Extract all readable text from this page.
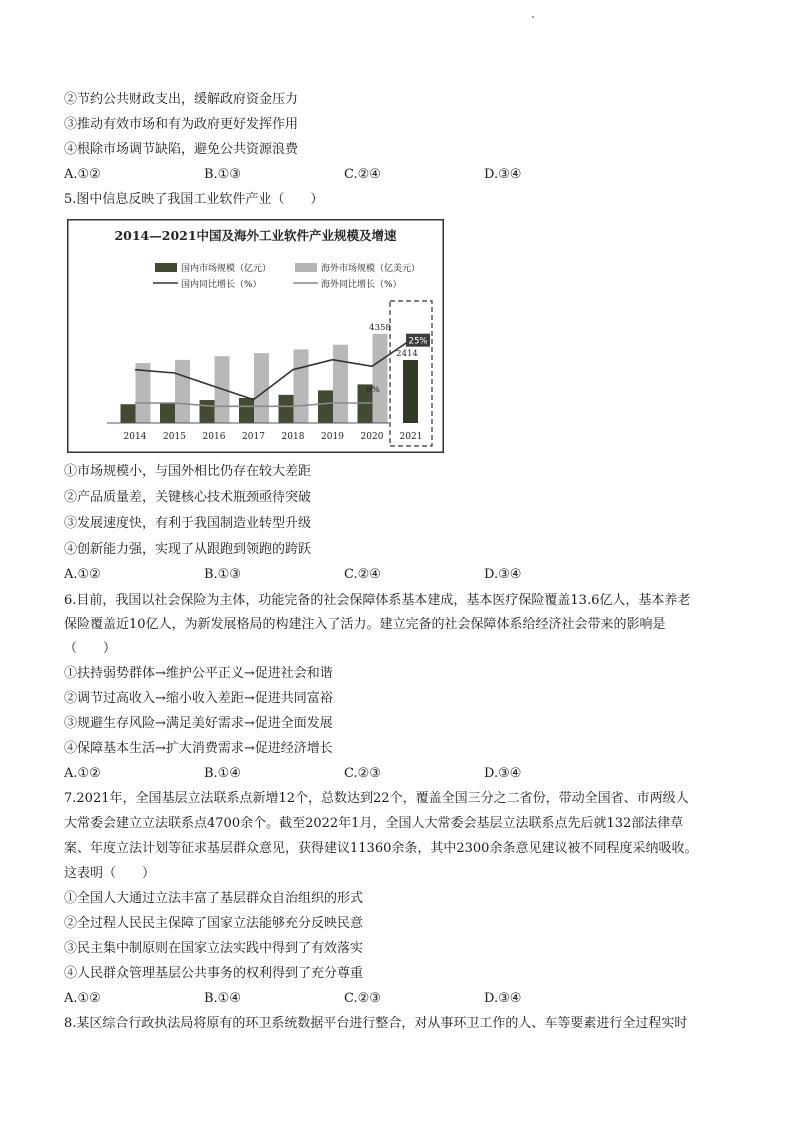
②节约公共财政支出，缓解政府资金压力
③推动有效市场和有为政府更好发挥作用
④根除市场调节缺陷，避免公共资源浪费
A.①②	B.①③	C.②④	D.③④
5.图中信息反映了我国工业软件产业（　　）
2014—2021中国及海外工业软件产业规模及增速
国内市场规模（亿元）	海外市场规模（亿美元）
国内同比增长（%）	海外同比增长（%）
4358
2414
25%
6%
2014 2015 2016 2017 2018 2019 2020 2021
①市场规模小，与国外相比仍存在较大差距
②产品质量差，关键核心技术瓶颈亟待突破
③发展速度快，有利于我国制造业转型升级
④创新能力强，实现了从跟跑到领跑的跨跃
A.①②	B.①③	C.②④	D.③④
6.目前，我国以社会保险为主体，功能完备的社会保障体系基本建成，基本医疗保险覆盖13.6亿人，基本养老
保险覆盖近10亿人，为新发展格局的构建注入了活力。建立完备的社会保障体系给经济社会带来的影响是
（　　）
①扶持弱势群体→维护公平正义→促进社会和谐
②调节过高收入→缩小收入差距→促进共同富裕
③规避生存风险→满足美好需求→促进全面发展
④保障基本生活→扩大消费需求→促进经济增长
A.①②	B.①④	C.②③	D.③④
7.2021年，全国基层立法联系点新增12个，总数达到22个，覆盖全国三分之二省份，带动全国省、市两级人
大常委会建立立法联系点4700余个。截至2022年1月，全国人大常委会基层立法联系点先后就132部法律草
案、年度立法计划等征求基层群众意见，获得建议11360余条，其中2300余条意见建议被不同程度采纳吸收。
这表明（　　）
①全国人大通过立法丰富了基层群众自治组织的形式
②全过程人民民主保障了国家立法能够充分反映民意
③民主集中制原则在国家立法实践中得到了有效落实
④人民群众管理基层公共事务的权利得到了充分尊重
A.①②	B.①④	C.②③	D.③④
8.某区综合行政执法局将原有的环卫系统数据平台进行整合，对从事环卫工作的人、车等要素进行全过程实时
